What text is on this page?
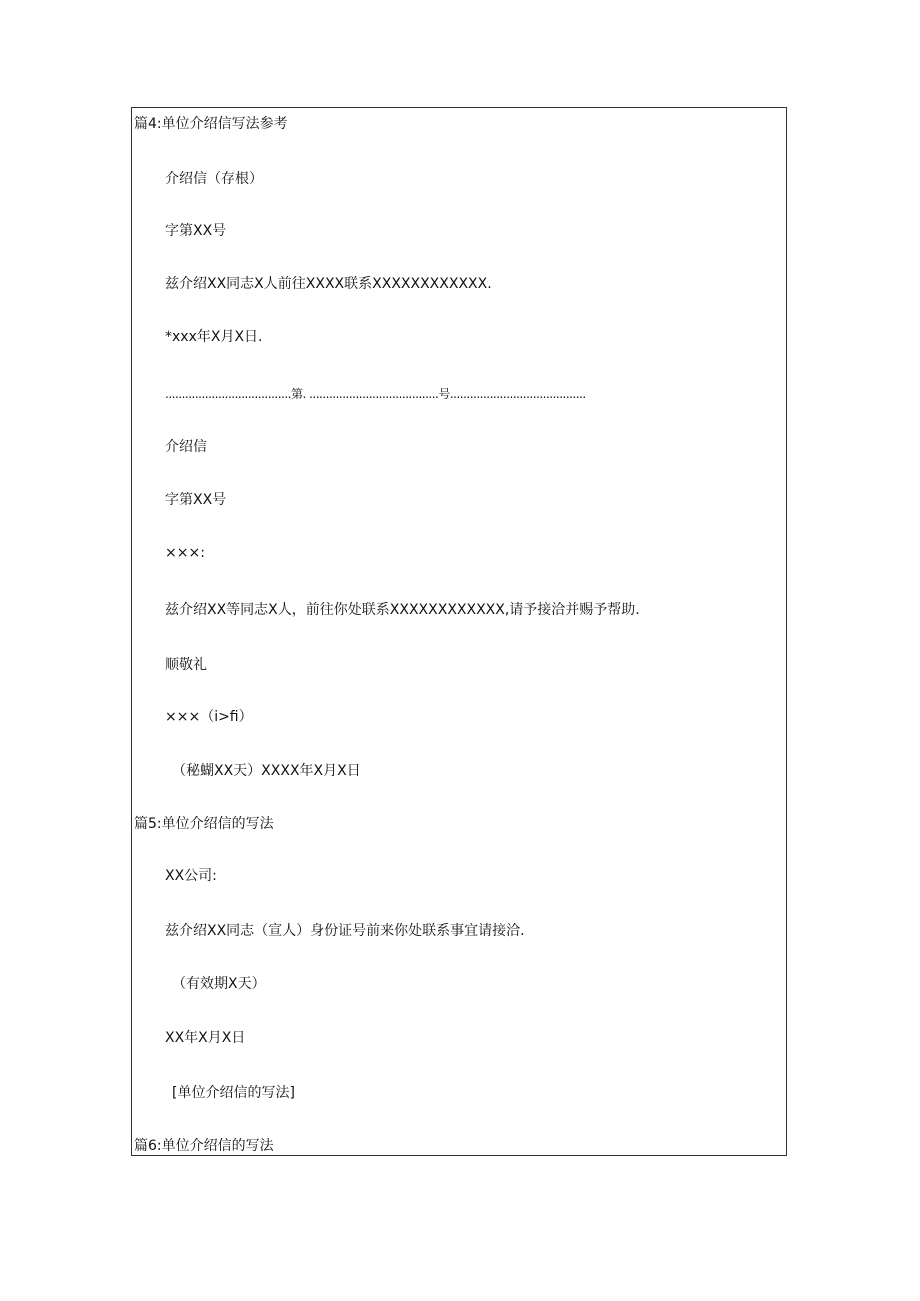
篇4:单位介绍信写法参考
介绍信（存根）
字第XX号
兹介绍XX同志X人前往XXXX联系XXXXXXXXXXXX.
*xxx年X月X日.
......................................第. .......................................号.........................................
介绍信
字第XX号
×××:
兹介绍XX等同志X人，前往你处联系XXXXXXXXXXXX,请予接洽并赐予帮助.
顺敬礼
×××（i>fi）
（秘蝴XX天）XXXX年X月X日
篇5:单位介绍信的写法
XX公司:
兹介绍XX同志（宣人）身份证号前来你处联系事宜请接洽.
（有效期X天）
XX年X月X日
[单位介绍信的写法]
篇6:单位介绍信的写法
